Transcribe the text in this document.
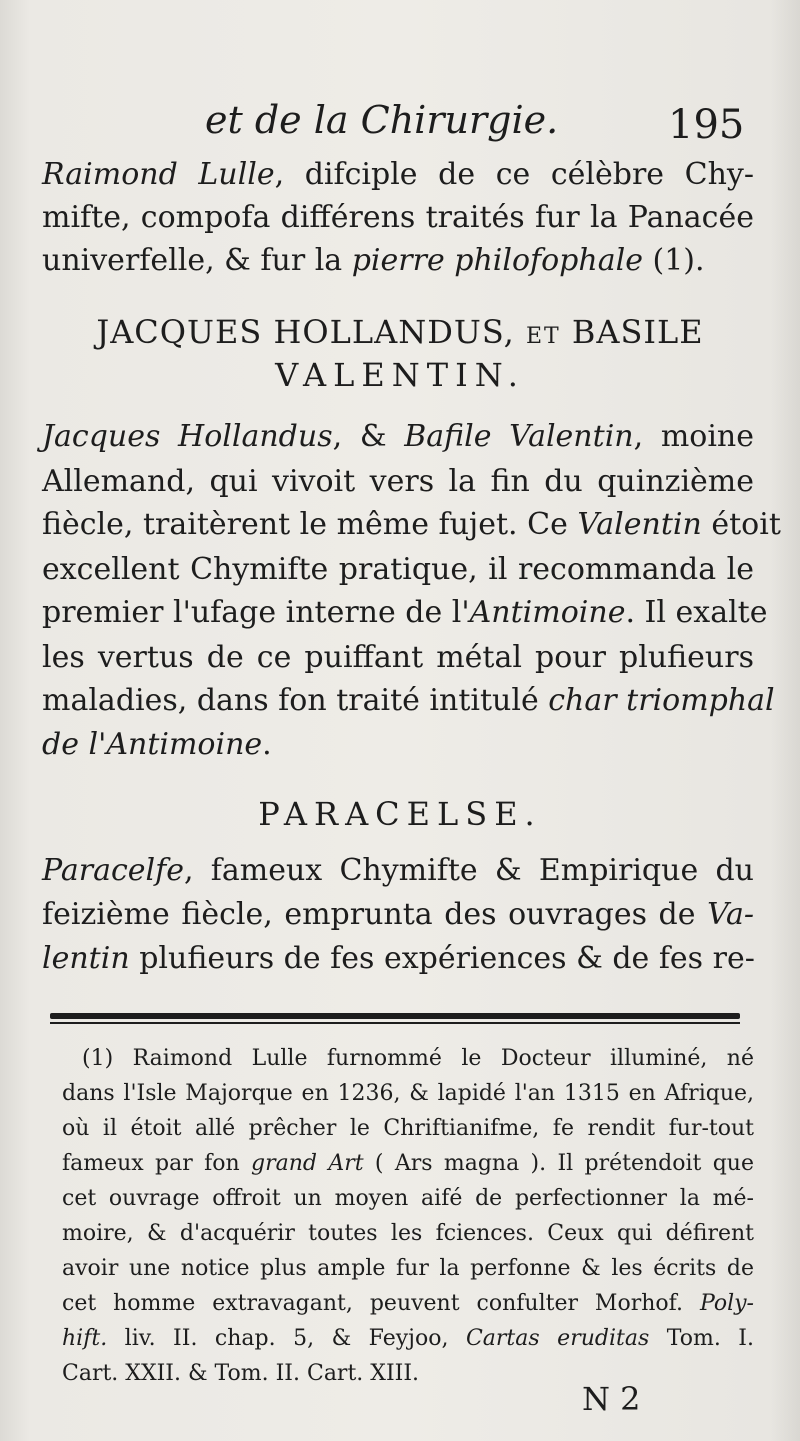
et de la Chirurgie.	195
Raimond Lulle, difciple de ce célèbre Chy-
mifte, compofa différens traités fur la Panacée
univerfelle, & fur la pierre philofophale (1).
JACQUES HOLLANDUS, ET BASILE
VALENTIN.
Jacques Hollandus, & Bafile Valentin, moine
Allemand, qui vivoit vers la fin du quinzième
fiècle, traitèrent le même fujet. Ce Valentin étoit
excellent Chymifte pratique, il recommanda le
premier l'ufage interne de l'Antimoine. Il exalte
les vertus de ce puiffant métal pour plufieurs
maladies, dans fon traité intitulé char triomphal
de l'Antimoine.
PARACELSE.
Paracelfe, fameux Chymifte & Empirique du
feizième fiècle, emprunta des ouvrages de Va-
lentin plufieurs de fes expériences & de fes re-
(1) Raimond Lulle furnommé le Docteur illuminé, né
dans l'Isle Majorque en 1236, & lapidé l'an 1315 en Afrique,
où il étoit allé prêcher le Chriftianifme, fe rendit fur-tout
fameux par fon grand Art ( Ars magna ). Il prétendoit que
cet ouvrage offroit un moyen aifé de perfectionner la mé-
moire, & d'acquérir toutes les fciences. Ceux qui défirent
avoir une notice plus ample fur la perfonne & les écrits de
cet homme extravagant, peuvent confulter Morhof. Poly-
hift. liv. II. chap. 5, & Feyjoo, Cartas eruditas Tom. I.
Cart. XXII. & Tom. II. Cart. XIII.
N 2
